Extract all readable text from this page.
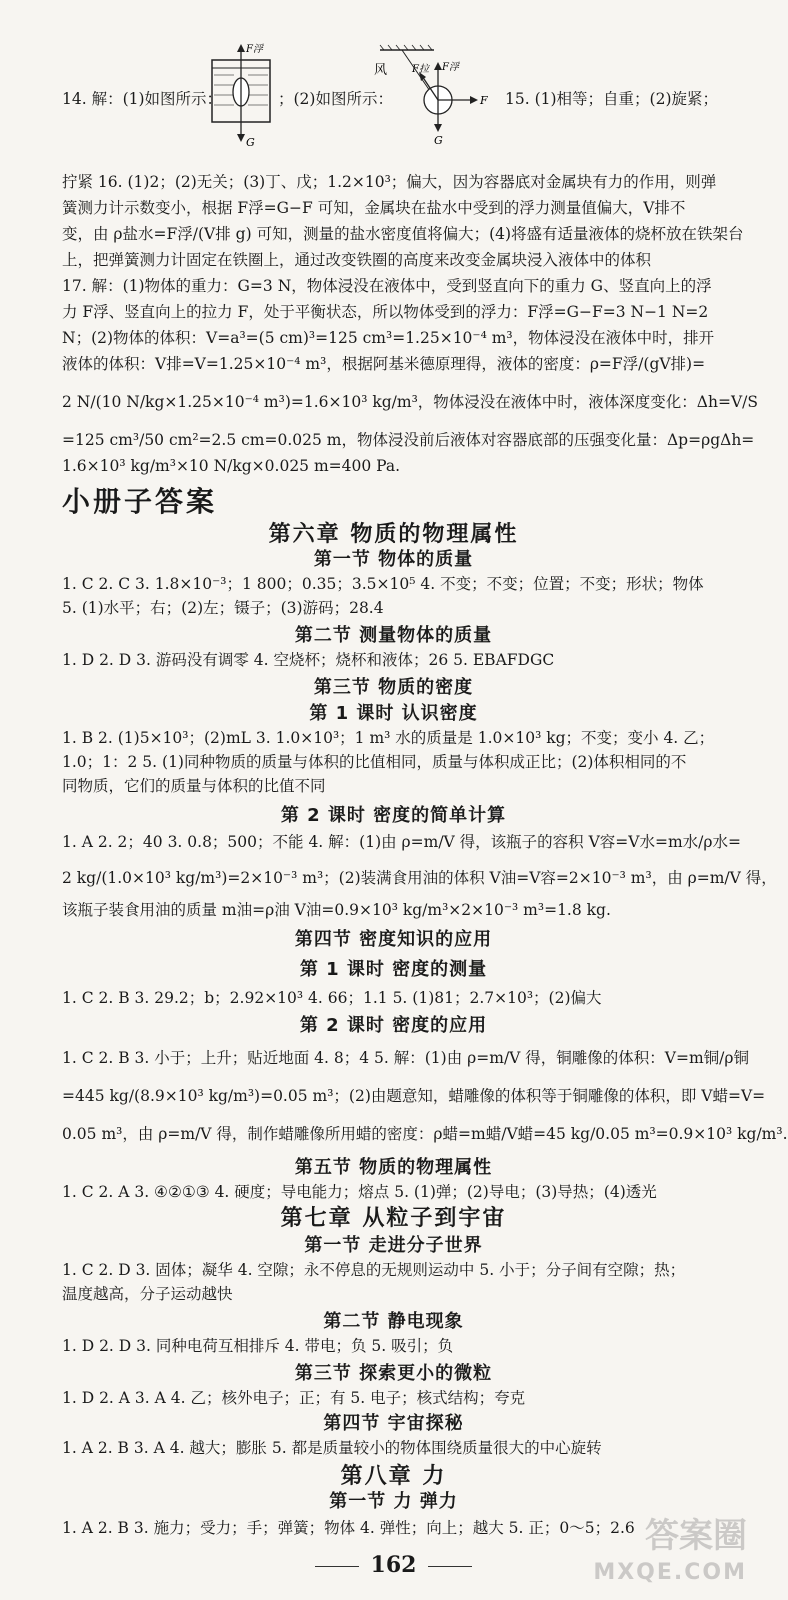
14. 解：(1)如图所示：
F浮
G
；(2)如图所示：
风 F拉 F浮
F
G
15. (1)相等；自重；(2)旋紧；
拧紧 16. (1)2；(2)无关；(3)丁、戊；1.2×10³；偏大，因为容器底对金属块有力的作用，则弹
簧测力计示数变小，根据 F浮=G−F 可知，金属块在盐水中受到的浮力测量值偏大，V排不
变，由 ρ盐水=F浮/(V排 g) 可知，测量的盐水密度值将偏大；(4)将盛有适量液体的烧杯放在铁架台
上，把弹簧测力计固定在铁圈上，通过改变铁圈的高度来改变金属块浸入液体中的体积
17. 解：(1)物体的重力：G=3 N，物体浸没在液体中，受到竖直向下的重力 G、竖直向上的浮
力 F浮、竖直向上的拉力 F，处于平衡状态，所以物体受到的浮力：F浮=G−F=3 N−1 N=2
N；(2)物体的体积：V=a³=(5 cm)³=125 cm³=1.25×10⁻⁴ m³，物体浸没在液体中时，排开
液体的体积：V排=V=1.25×10⁻⁴ m³，根据阿基米德原理得，液体的密度：ρ=F浮/(gV排)=
2 N/(10 N/kg×1.25×10⁻⁴ m³)=1.6×10³ kg/m³，物体浸没在液体中时，液体深度变化：Δh=V/S
=125 cm³/50 cm²=2.5 cm=0.025 m，物体浸没前后液体对容器底部的压强变化量：Δp=ρgΔh=
1.6×10³ kg/m³×10 N/kg×0.025 m=400 Pa.
小册子答案
第六章 物质的物理属性
第一节 物体的质量
1. C 2. C 3. 1.8×10⁻³；1 800；0.35；3.5×10⁵ 4. 不变；不变；位置；不变；形状；物体
5. (1)水平；右；(2)左；镊子；(3)游码；28.4
第二节 测量物体的质量
1. D 2. D 3. 游码没有调零 4. 空烧杯；烧杯和液体；26 5. EBAFDGC
第三节 物质的密度
第 1 课时 认识密度
1. B 2. (1)5×10³；(2)mL 3. 1.0×10³；1 m³ 水的质量是 1.0×10³ kg；不变；变小 4. 乙；
1.0；1：2 5. (1)同种物质的质量与体积的比值相同，质量与体积成正比；(2)体积相同的不
同物质，它们的质量与体积的比值不同
第 2 课时 密度的简单计算
1. A 2. 2；40 3. 0.8；500；不能 4. 解：(1)由 ρ=m/V 得，该瓶子的容积 V容=V水=m水/ρ水=
2 kg/(1.0×10³ kg/m³)=2×10⁻³ m³；(2)装满食用油的体积 V油=V容=2×10⁻³ m³，由 ρ=m/V 得，
该瓶子装食用油的质量 m油=ρ油 V油=0.9×10³ kg/m³×2×10⁻³ m³=1.8 kg.
第四节 密度知识的应用
第 1 课时 密度的测量
1. C 2. B 3. 29.2；b；2.92×10³ 4. 66；1.1 5. (1)81；2.7×10³；(2)偏大
第 2 课时 密度的应用
1. C 2. B 3. 小于；上升；贴近地面 4. 8；4 5. 解：(1)由 ρ=m/V 得，铜雕像的体积：V=m铜/ρ铜
=445 kg/(8.9×10³ kg/m³)=0.05 m³；(2)由题意知，蜡雕像的体积等于铜雕像的体积，即 V蜡=V=
0.05 m³，由 ρ=m/V 得，制作蜡雕像所用蜡的密度：ρ蜡=m蜡/V蜡=45 kg/0.05 m³=0.9×10³ kg/m³.
第五节 物质的物理属性
1. C 2. A 3. ④②①③ 4. 硬度；导电能力；熔点 5. (1)弹；(2)导电；(3)导热；(4)透光
第七章 从粒子到宇宙
第一节 走进分子世界
1. C 2. D 3. 固体；凝华 4. 空隙；永不停息的无规则运动中 5. 小于；分子间有空隙；热；
温度越高，分子运动越快
第二节 静电现象
1. D 2. D 3. 同种电荷互相排斥 4. 带电；负 5. 吸引；负
第三节 探索更小的微粒
1. D 2. A 3. A 4. 乙；核外电子；正；有 5. 电子；核式结构；夸克
第四节 宇宙探秘
1. A 2. B 3. A 4. 越大；膨胀 5. 都是质量较小的物体围绕质量很大的中心旋转
第八章 力
第一节 力 弹力
1. A 2. B 3. 施力；受力；手；弹簧；物体 4. 弹性；向上；越大 5. 正；0～5；2.6
162
答案圈
MXQE.COM
